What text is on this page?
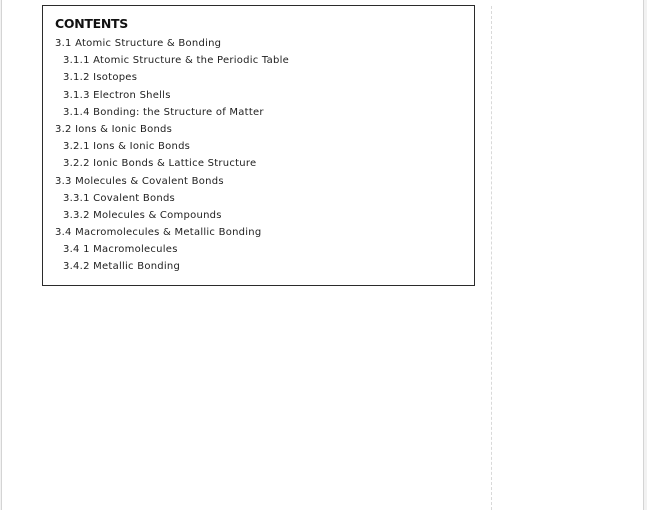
CONTENTS
3.1 Atomic Structure & Bonding
3.1.1 Atomic Structure & the Periodic Table
3.1.2 Isotopes
3.1.3 Electron Shells
3.1.4 Bonding: the Structure of Matter
3.2 Ions & Ionic Bonds
3.2.1 Ions & Ionic Bonds
3.2.2 Ionic Bonds & Lattice Structure
3.3 Molecules & Covalent Bonds
3.3.1 Covalent Bonds
3.3.2 Molecules & Compounds
3.4 Macromolecules & Metallic Bonding
3.4 1 Macromolecules
3.4.2 Metallic Bonding
